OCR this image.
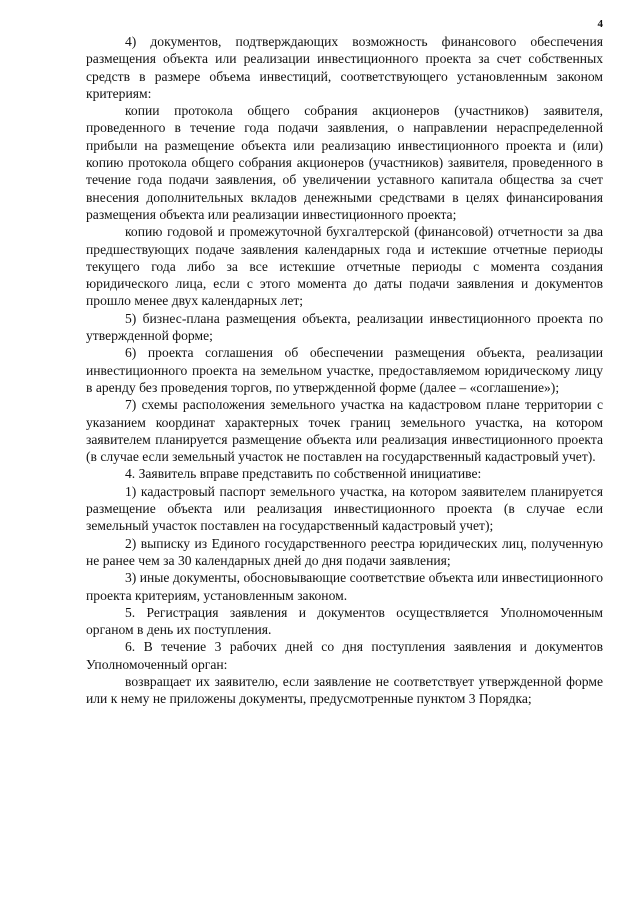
4

4) документов, подтверждающих возможность финансового обеспечения размещения объекта или реализации инвестиционного проекта за счет собственных средств в размере объема инвестиций, соответствующего установленным законом критериям:

копии протокола общего собрания акционеров (участников) заявителя, проведенного в течение года подачи заявления, о направлении нераспределенной прибыли на размещение объекта или реализацию инвестиционного проекта и (или) копию протокола общего собрания акционеров (участников) заявителя, проведенного в течение года подачи заявления, об увеличении уставного капитала общества за счет внесения дополнительных вкладов денежными средствами в целях финансирования размещения объекта или реализации инвестиционного проекта;

копию годовой и промежуточной бухгалтерской (финансовой) отчетности за два предшествующих подаче заявления календарных года и истекшие отчетные периоды текущего года либо за все истекшие отчетные периоды с момента создания юридического лица, если с этого момента до даты подачи заявления и документов прошло менее двух календарных лет;

5) бизнес-плана размещения объекта, реализации инвестиционного проекта по утвержденной форме;

6) проекта соглашения об обеспечении размещения объекта, реализации инвестиционного проекта на земельном участке, предоставляемом юридическому лицу в аренду без проведения торгов, по утвержденной форме (далее – «соглашение»);

7) схемы расположения земельного участка на кадастровом плане территории с указанием координат характерных точек границ земельного участка, на котором заявителем планируется размещение объекта или реализация инвестиционного проекта (в случае если земельный участок не поставлен на государственный кадастровый учет).

4. Заявитель вправе представить по собственной инициативе:

1) кадастровый паспорт земельного участка, на котором заявителем планируется размещение объекта или реализация инвестиционного проекта (в случае если земельный участок поставлен на государственный кадастровый учет);

2) выписку из Единого государственного реестра юридических лиц, полученную не ранее чем за 30 календарных дней до дня подачи заявления;

3) иные документы, обосновывающие соответствие объекта или инвестиционного проекта критериям, установленным законом.

5. Регистрация заявления и документов осуществляется Уполномоченным органом в день их поступления.

6. В течение 3 рабочих дней со дня поступления заявления и документов Уполномоченный орган:

возвращает их заявителю, если заявление не соответствует утвержденной форме или к нему не приложены документы, предусмотренные пунктом 3 Порядка;
